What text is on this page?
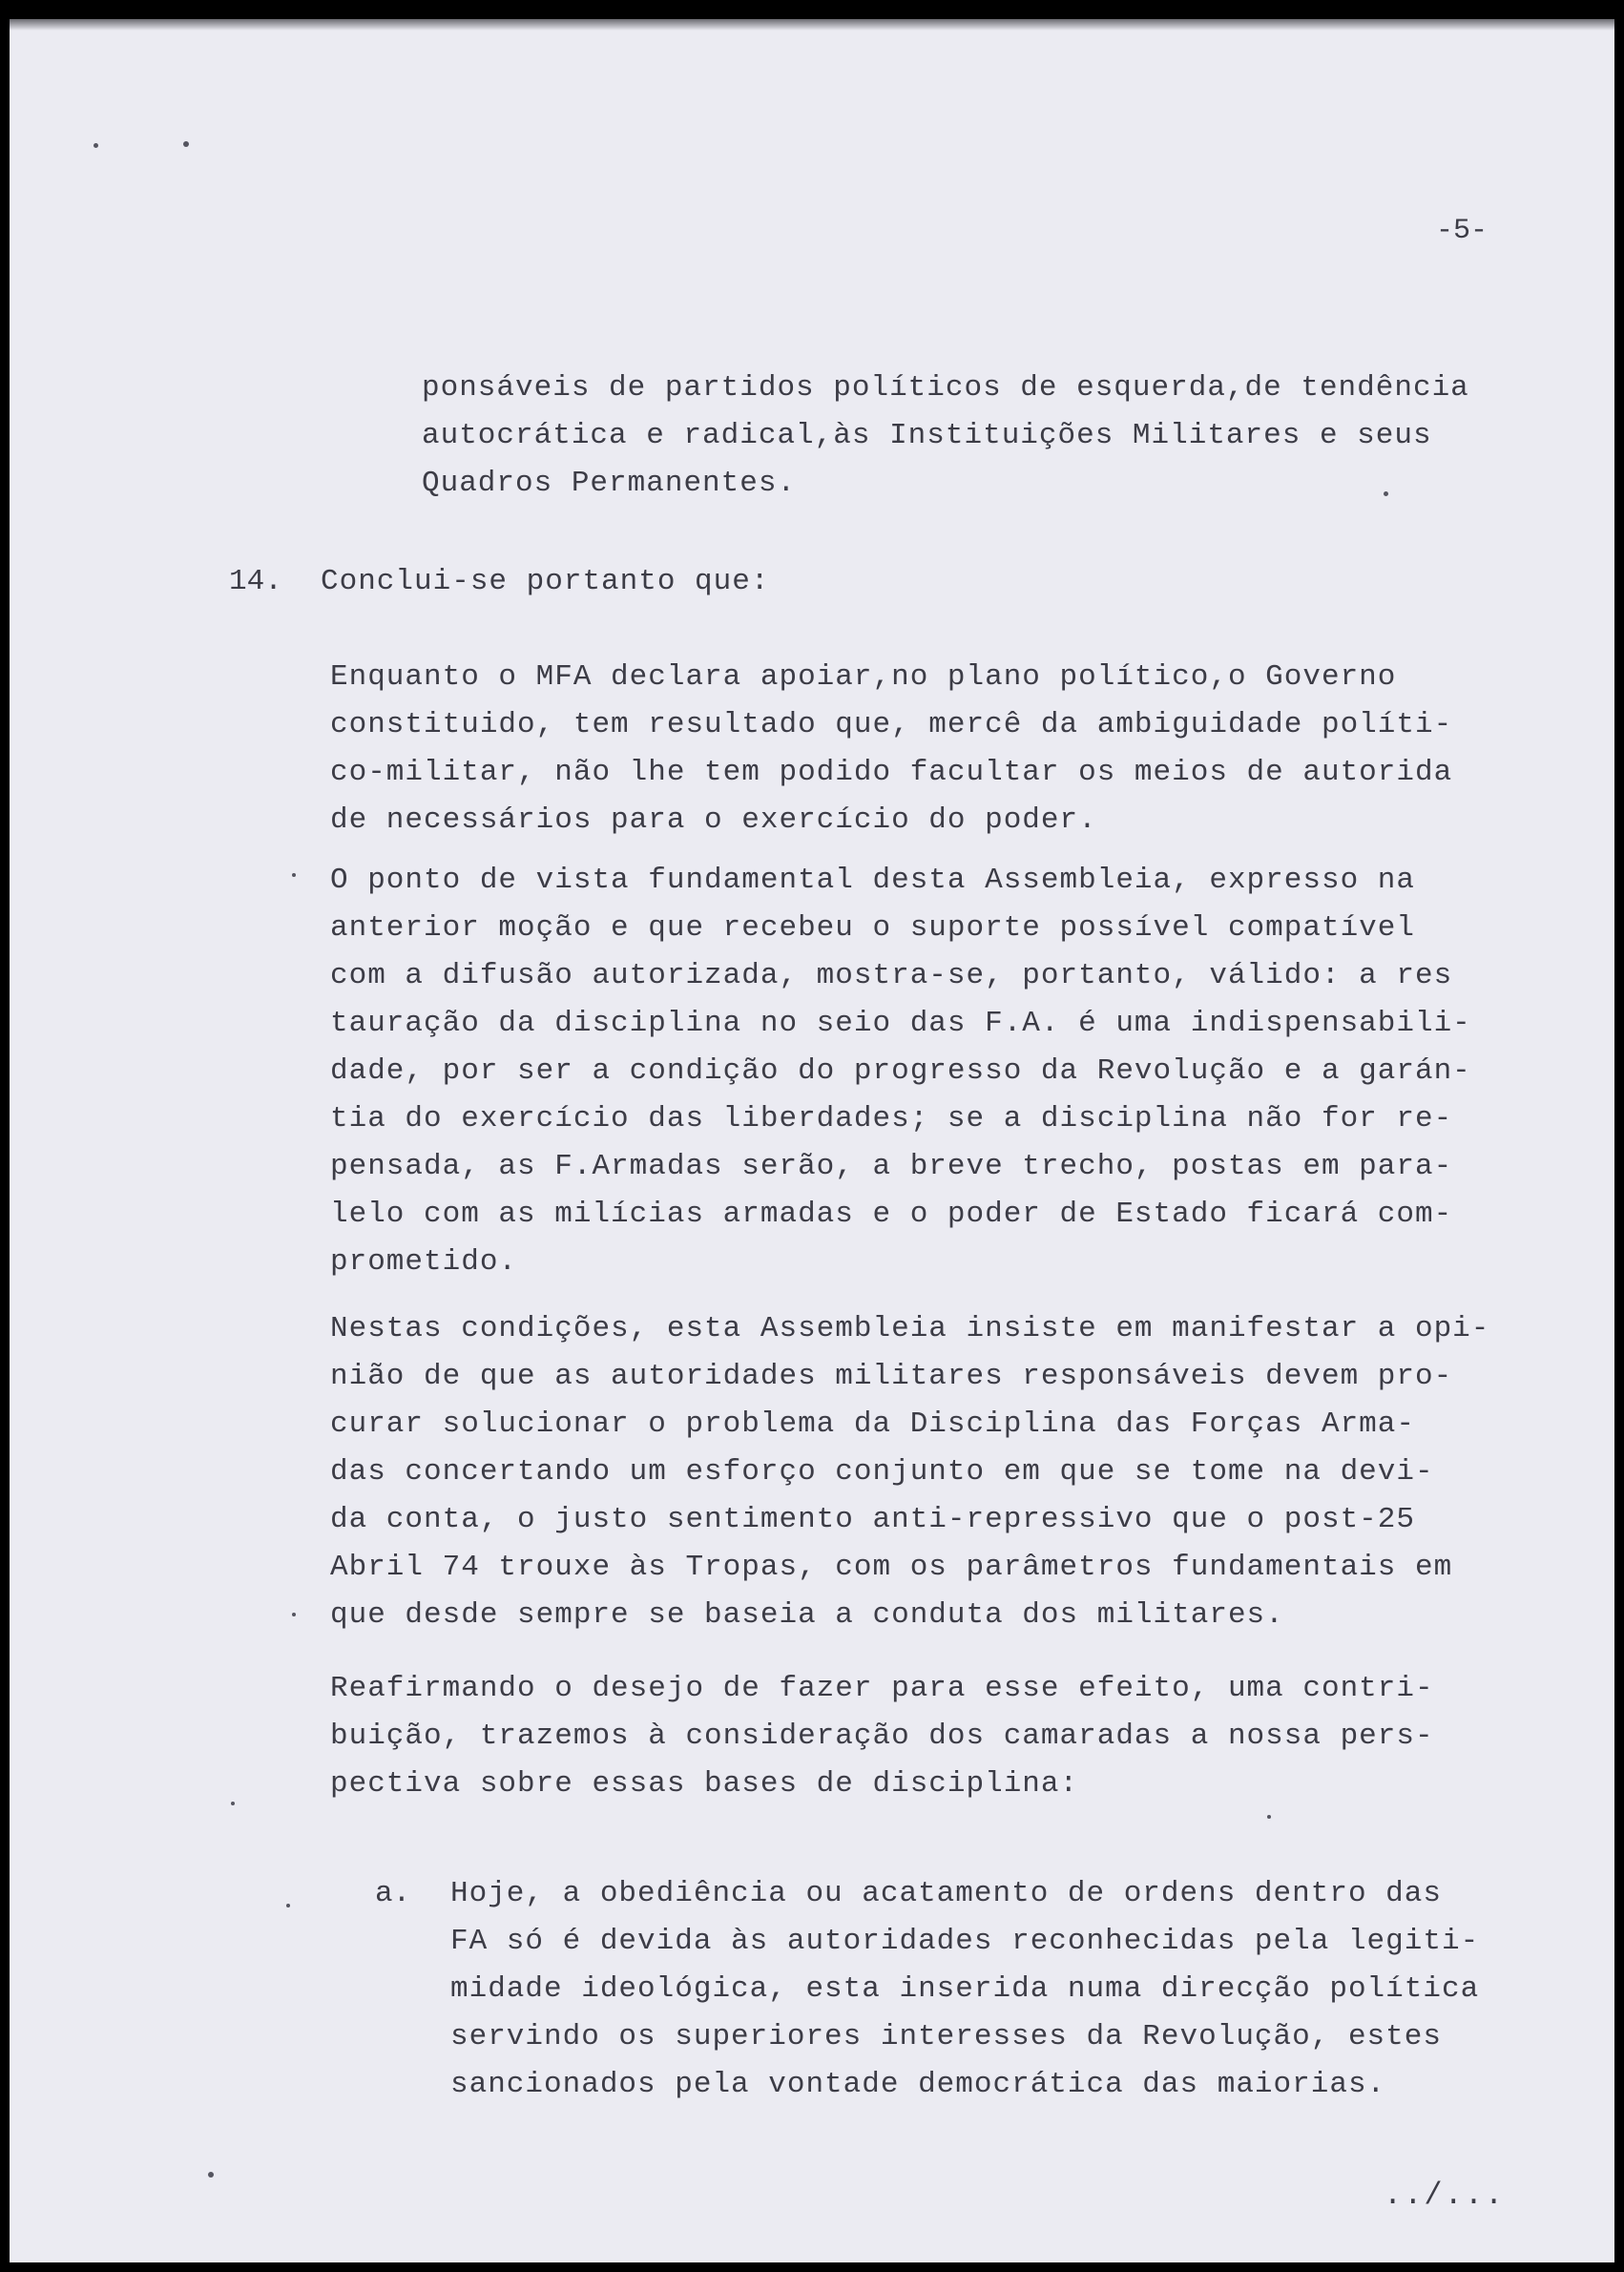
-5-
ponsáveis de partidos políticos de esquerda,de tendência
autocrática e radical,às Instituições Militares e seus
Quadros Permanentes.
14. Conclui-se portanto que:
Enquanto o MFA declara apoiar,no plano político,o Governo
constituido, tem resultado que, mercê da ambiguidade políti-
co-militar, não lhe tem podido facultar os meios de autorida
de necessários para o exercício do poder.
O ponto de vista fundamental desta Assembleia, expresso na
anterior moção e que recebeu o suporte possível compatível
com a difusão autorizada, mostra-se, portanto, válido: a res
tauração da disciplina no seio das F.A. é uma indispensabili-
dade, por ser a condição do progresso da Revolução e a garán-
tia do exercício das liberdades; se a disciplina não for re-
pensada, as F.Armadas serão, a breve trecho, postas em para-
lelo com as milícias armadas e o poder de Estado ficará com-
prometido.
Nestas condições, esta Assembleia insiste em manifestar a opi-
nião de que as autoridades militares responsáveis devem pro-
curar solucionar o problema da Disciplina das Forças Arma-
das concertando um esforço conjunto em que se tome na devi-
da conta, o justo sentimento anti-repressivo que o post-25
Abril 74 trouxe às Tropas, com os parâmetros fundamentais em
que desde sempre se baseia a conduta dos militares.
Reafirmando o desejo de fazer para esse efeito, uma contri-
buição, trazemos à consideração dos camaradas a nossa pers-
pectiva sobre essas bases de disciplina:
a. Hoje, a obediência ou acatamento de ordens dentro das
FA só é devida às autoridades reconhecidas pela legiti-
midade ideológica, esta inserida numa direcção política
servindo os superiores interesses da Revolução, estes
sancionados pela vontade democrática das maiorias.
../...
